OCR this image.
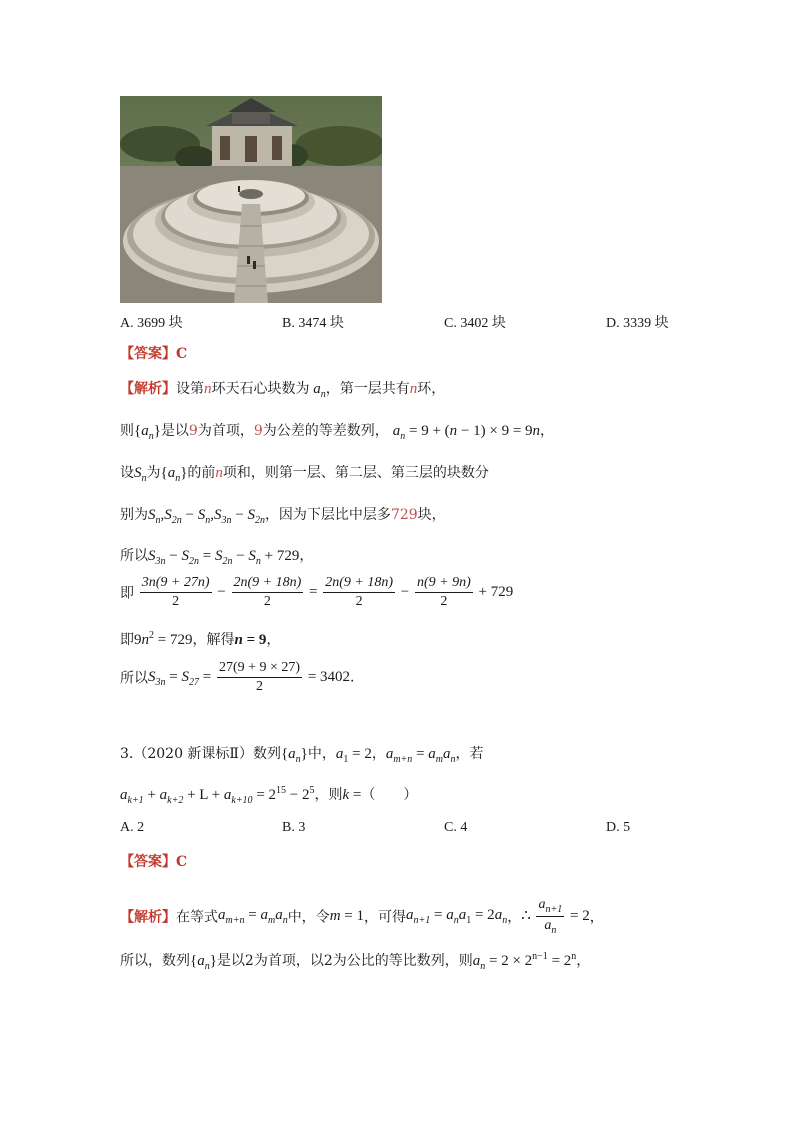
A. 3699 块	B. 3474 块	C. 3402 块	D. 3339 块
【答案】C
【解析】设第n环天石心块数为 $a_n$，第一层共有n环，
则$\{a_n\}$是以9为首项，9为公差的等差数列， $a_n = 9 + (n - 1) \times 9 = 9n$，
设$S_n$为$\{a_n\}$的前n项和，则第一层、第二层、第三层的块数分
别为$S_n,S_{2n} - S_n,S_{3n} - S_{2n}$，因为下层比中层多729块，
所以$S_{3n} - S_{2n} = S_{2n} - S_n + 729$，
即 $\frac{3n(9 + 27n)}{2} - \frac{2n(9 + 18n)}{2} = \frac{2n(9 + 18n)}{2} - \frac{n(9 + 9n)}{2} + 729$
即$9n^2 = 729$，解得n = 9，
所以$S_{3n} = S_{27} = \frac{27(9 + 9 \times 27)}{2} = 3402$.
3.（2020 新课标Ⅱ）数列$\{a_n\}$中，$a_1 = 2$，$a_{m+n} = a_ma_n$，若
$a_{k+1} + a_{k+2} + L + a_{k+10} = 2^{15} - 2^5$，则k =（　　）
A. 2	B. 3	C. 4	D. 5
【答案】C
【解析】在等式$a_{m+n} = a_ma_n$中，令m = 1，可得$a_{n+1} = a_na_1 = 2a_n$，∴ $\frac{a_{n+1}}{a_n} = 2$，
所以，数列$\{a_n\}$是以2为首项，以2为公比的等比数列，则$a_n = 2 \times 2^{n-1} = 2^n$，
